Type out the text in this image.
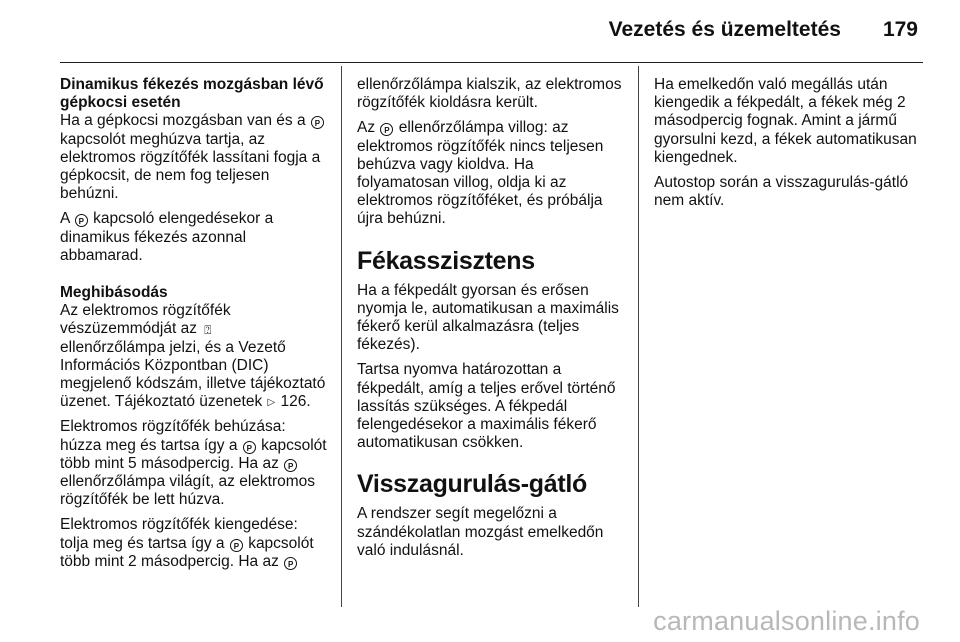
Vezetés és üzemeltetés 179

Dinamikus fékezés mozgásban lévő gépkocsi esetén

Ha a gépkocsi mozgásban van és a P kapcsolót meghúzva tartja, az elektromos rögzítőfék lassítani fogja a gépkocsit, de nem fog teljesen behúzni.

A P kapcsoló elengedésekor a dinamikus fékezés azonnal abbamarad.

Meghibásodás

Az elektromos rögzítőfék vészüzemmódját az ⍰
ellenőrzőlámpa jelzi, és a Vezető Információs Központban (DIC) megjelenő kódszám, illetve tájékoztató üzenet. Tájékoztató üzenetek ▷ 126.

Elektromos rögzítőfék behúzása: húzza meg és tartsa így a P kapcsolót több mint 5 másodpercig. Ha az P ellenőrzőlámpa világít, az elektromos rögzítőfék be lett húzva.

Elektromos rögzítőfék kiengedése: tolja meg és tartsa így a P kapcsolót több mint 2 másodpercig. Ha az P

ellenőrzőlámpa kialszik, az elektromos rögzítőfék kioldásra került.

Az P ellenőrzőlámpa villog: az elektromos rögzítőfék nincs teljesen behúzva vagy kioldva. Ha folyamatosan villog, oldja ki az elektromos rögzítőféket, és próbálja újra behúzni.

Fékasszisztens

Ha a fékpedált gyorsan és erősen nyomja le, automatikusan a maximális fékerő kerül alkalmazásra (teljes fékezés).

Tartsa nyomva határozottan a fékpedált, amíg a teljes erővel történő lassítás szükséges. A fékpedál felengedésekor a maximális fékerő automatikusan csökken.

Visszagurulás-gátló

A rendszer segít megelőzni a szándékolatlan mozgást emelkedőn való indulásnál.

Ha emelkedőn való megállás után kiengedik a fékpedált, a fékek még 2 másodpercig fognak. Amint a jármű gyorsulni kezd, a fékek automatikusan kiengednek.

Autostop során a visszagurulás-gátló nem aktív.

carmanualsonline.info
